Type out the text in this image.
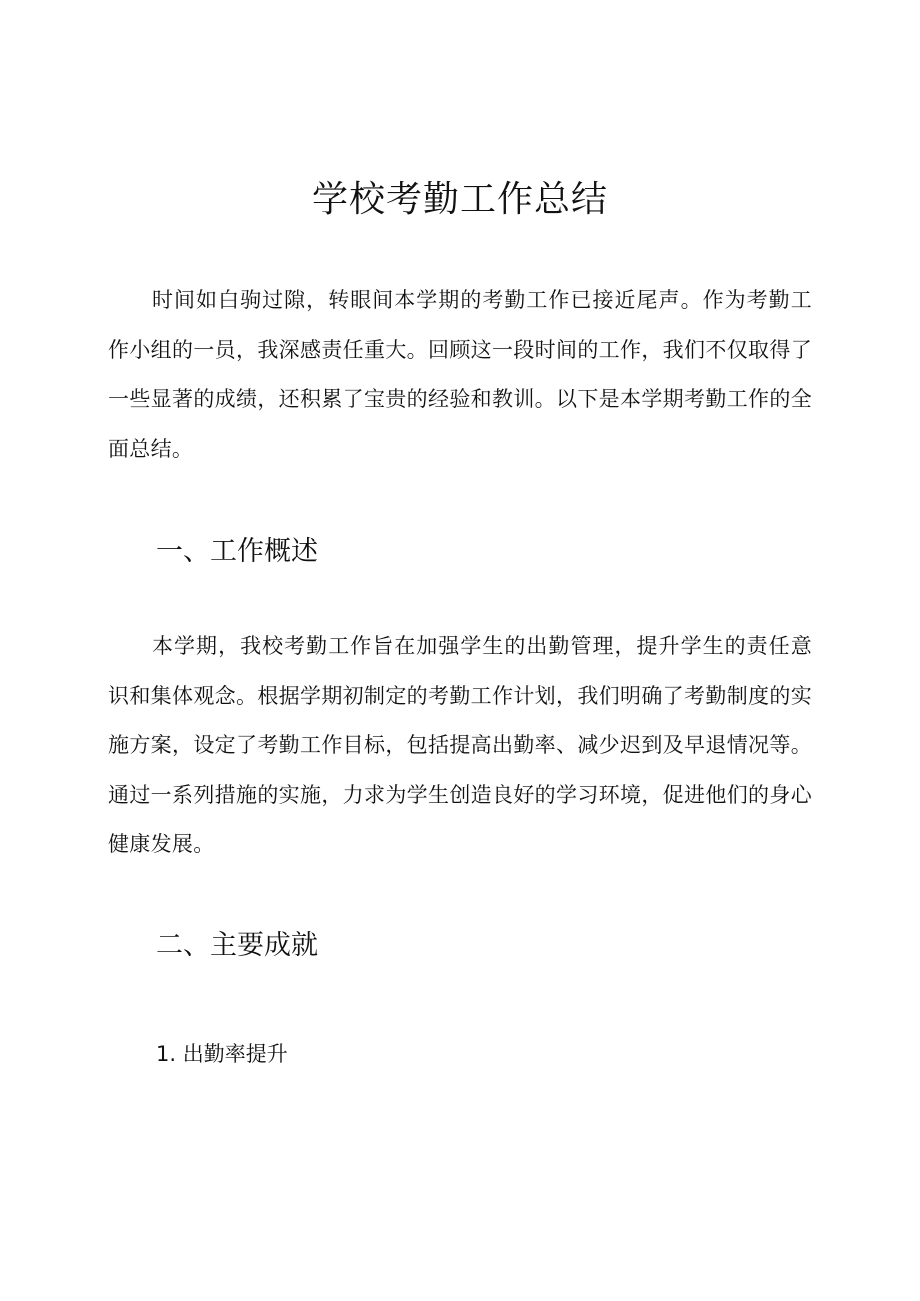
学校考勤工作总结

时间如白驹过隙，转眼间本学期的考勤工作已接近尾声。作为考勤工作小组的一员，我深感责任重大。回顾这一段时间的工作，我们不仅取得了一些显著的成绩，还积累了宝贵的经验和教训。以下是本学期考勤工作的全面总结。

一、工作概述

本学期，我校考勤工作旨在加强学生的出勤管理，提升学生的责任意识和集体观念。根据学期初制定的考勤工作计划，我们明确了考勤制度的实施方案，设定了考勤工作目标，包括提高出勤率、减少迟到及早退情况等。通过一系列措施的实施，力求为学生创造良好的学习环境，促进他们的身心健康发展。

二、主要成就
1. 出勤率提升
